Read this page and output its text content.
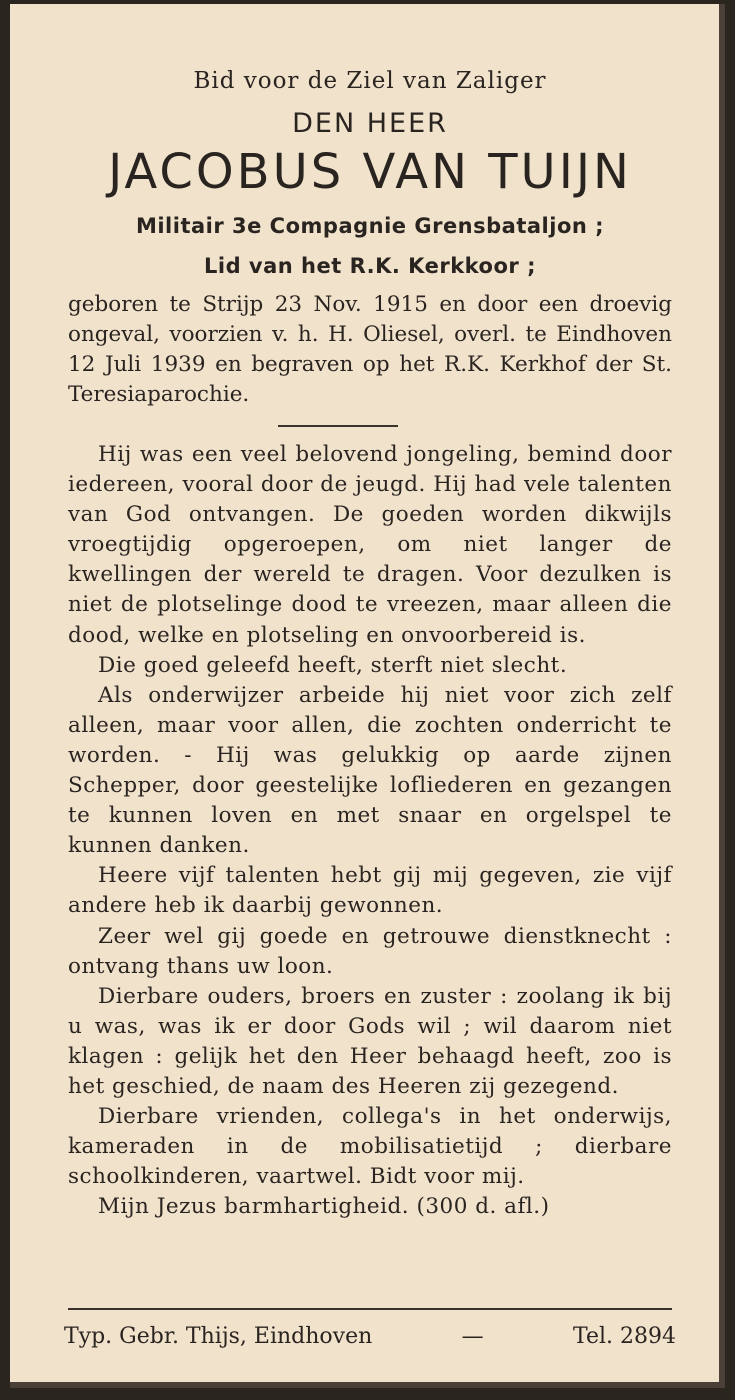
Bid voor de Ziel van Zaliger
DEN HEER
JACOBUS VAN TUIJN
Militair 3e Compagnie Grensbataljon ;
Lid van het R.K. Kerkkoor ;
geboren te Strijp 23 Nov. 1915 en door een droevig ongeval, voorzien v. h. H. Oliesel, overl. te Eindhoven 12 Juli 1939 en begraven op het R.K. Kerkhof der St. Teresiaparochie.

Hij was een veel belovend jongeling, bemind door iedereen, vooral door de jeugd. Hij had vele talenten van God ontvangen. De goeden worden dikwijls vroegtijdig opgeroepen, om niet langer de kwellingen der wereld te dragen. Voor dezulken is niet de plotselinge dood te vreezen, maar alleen die dood, welke en plotseling en onvoorbereid is.

Die goed geleefd heeft, sterft niet slecht.

Als onderwijzer arbeide hij niet voor zich zelf alleen, maar voor allen, die zochten onderricht te worden. - Hij was gelukkig op aarde zijnen Schepper, door geestelijke lofliederen en gezangen te kunnen loven en met snaar en orgelspel te kunnen danken.

Heere vijf talenten hebt gij mij gegeven, zie vijf andere heb ik daarbij gewonnen.

Zeer wel gij goede en getrouwe dienstknecht : ontvang thans uw loon.

Dierbare ouders, broers en zuster : zoolang ik bij u was, was ik er door Gods wil ; wil daarom niet klagen : gelijk het den Heer behaagd heeft, zoo is het geschied, de naam des Heeren zij gezegend.

Dierbare vrienden, collega's in het onderwijs, kameraden in de mobilisatietijd ; dierbare schoolkinderen, vaartwel. Bidt voor mij.

Mijn Jezus barmhartigheid. (300 d. afl.)

Typ. Gebr. Thijs, Eindhoven	—	Tel. 2894
